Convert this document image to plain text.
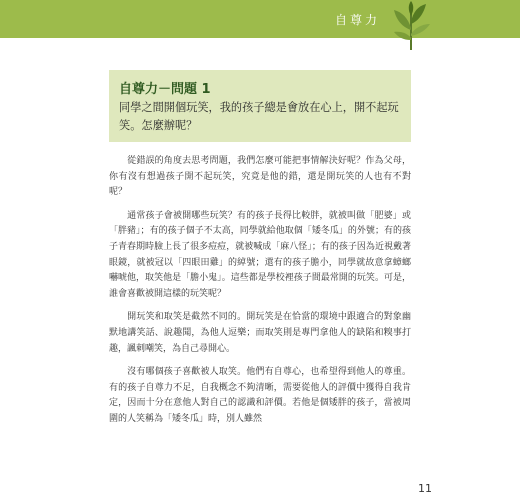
自尊力
自尊力－問題 1
同學之間開個玩笑，我的孩子總是會放在心上，開不起玩笑。怎麼辦呢？

從錯誤的角度去思考問題，我們怎麼可能把事情解決好呢？作為父母，你有沒有想過孩子開不起玩笑，究竟是他的錯，還是開玩笑的人也有不對呢？

通常孩子會被開哪些玩笑？有的孩子長得比較胖，就被叫做「肥婆」或「胖豬」；有的孩子個子不太高，同學就給他取個「矮冬瓜」的外號；有的孩子青春期時臉上長了很多痘痘，就被喊成「麻八怪」；有的孩子因為近視戴著眼鏡，就被冠以「四眼田雞」的綽號；還有的孩子膽小，同學就故意拿蟑螂嚇唬他，取笑他是「膽小鬼」。這些都是學校裡孩子間最常開的玩笑。可是，誰會喜歡被開這樣的玩笑呢？

開玩笑和取笑是截然不同的。開玩笑是在恰當的環境中跟適合的對象幽默地講笑話、說趣聞，為他人逗樂；而取笑則是專門拿他人的缺陷和糗事打趣，諷刺嘲笑，為自己尋開心。

沒有哪個孩子喜歡被人取笑。他們有自尊心，也希望得到他人的尊重。有的孩子自尊力不足，自我概念不夠清晰，需要從他人的評價中獲得自我肯定，因而十分在意他人對自己的認識和評價。若他是個矮胖的孩子，當被周圍的人笑稱為「矮冬瓜」時，別人雖然

11
